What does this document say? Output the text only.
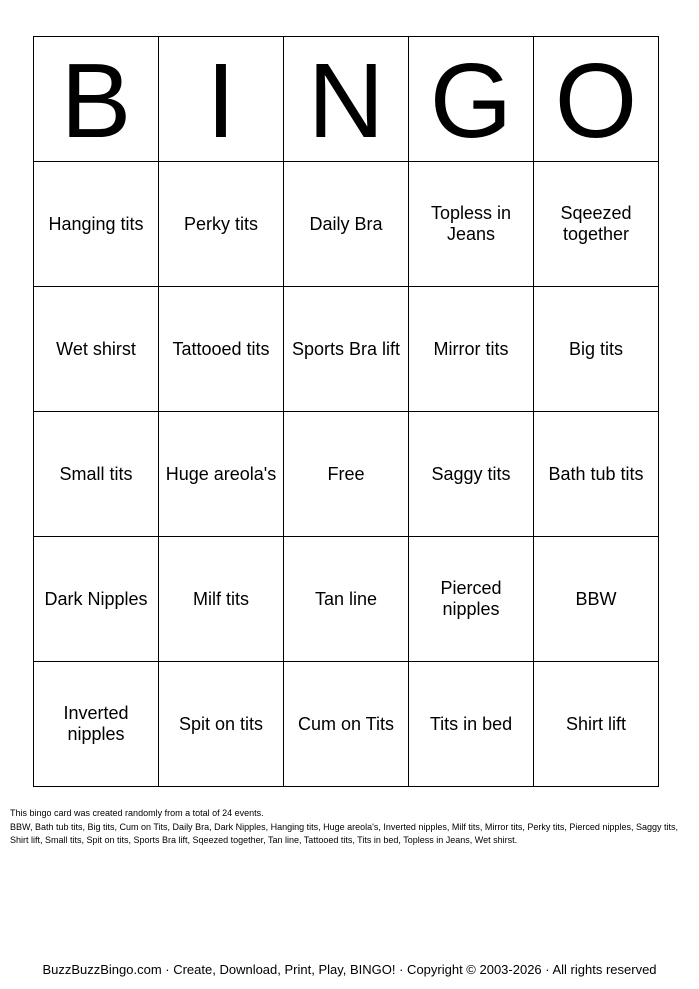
B	I	N	G	O
Hanging tits	Perky tits	Daily Bra	Topless in Jeans	Sqeezed together
Wet shirst	Tattooed tits	Sports Bra lift	Mirror tits	Big tits
Small tits	Huge areola's	Free	Saggy tits	Bath tub tits
Dark Nipples	Milf tits	Tan line	Pierced nipples	BBW
Inverted nipples	Spit on tits	Cum on Tits	Tits in bed	Shirt lift

This bingo card was created randomly from a total of 24 events.

BBW, Bath tub tits, Big tits, Cum on Tits, Daily Bra, Dark Nipples, Hanging tits, Huge areola's, Inverted nipples, Milf tits, Mirror tits, Perky tits, Pierced nipples, Saggy tits, Shirt lift, Small tits, Spit on tits, Sports Bra lift, Sqeezed together, Tan line, Tattooed tits, Tits in bed, Topless in Jeans, Wet shirst.

BuzzBuzzBingo.com · Create, Download, Print, Play, BINGO! · Copyright © 2003-2026 · All rights reserved
